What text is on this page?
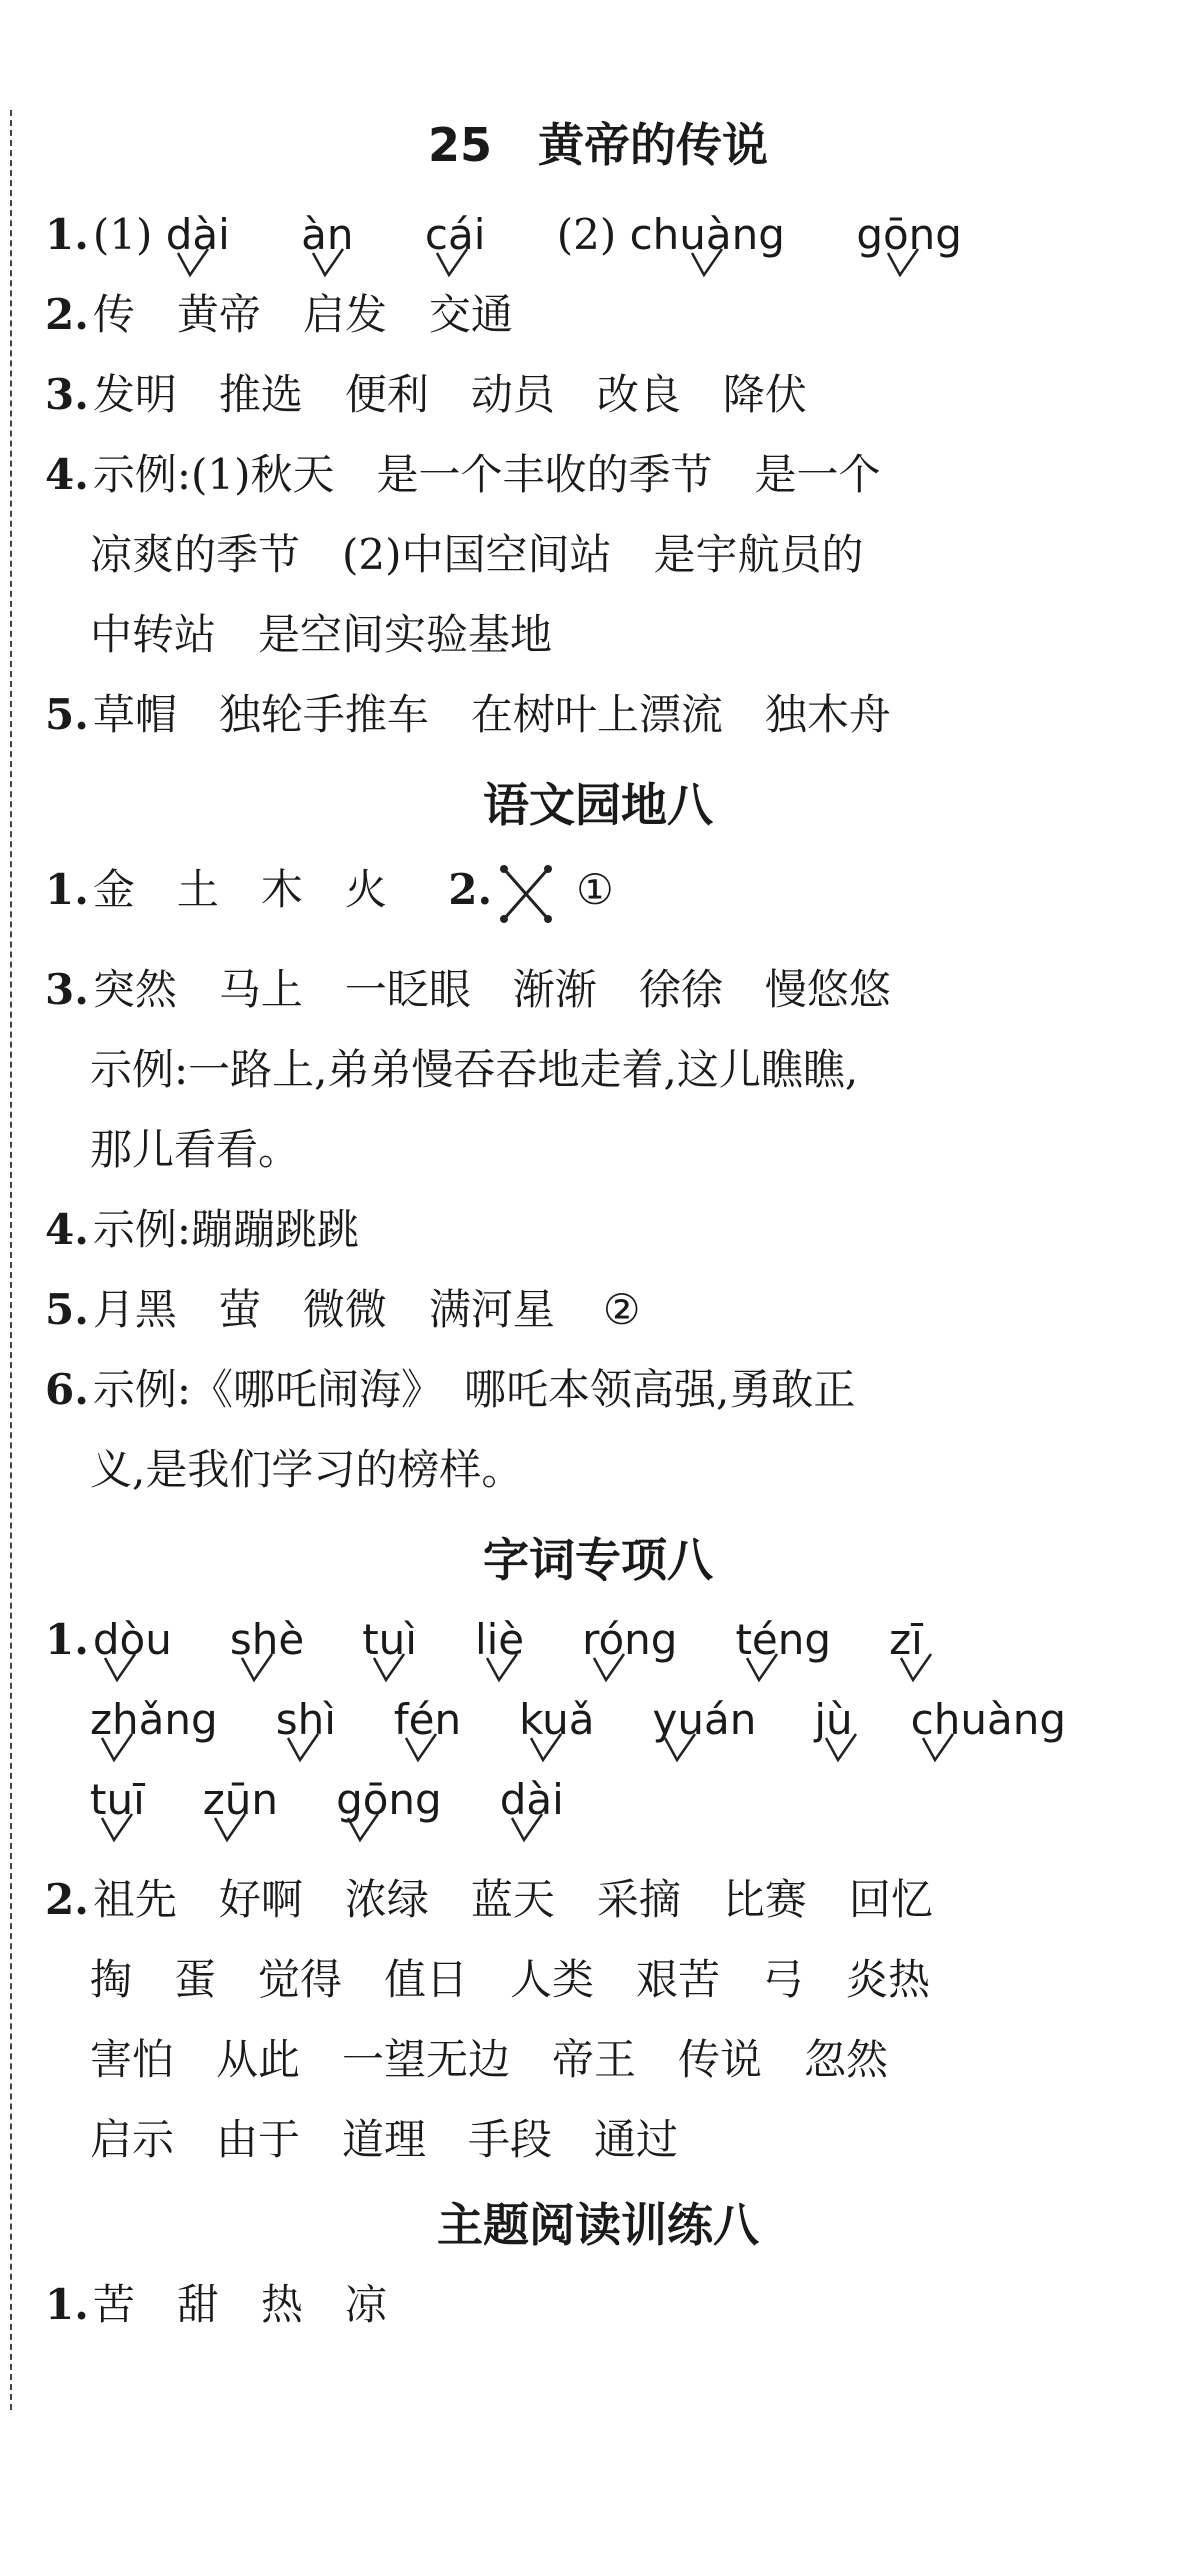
25　黄帝的传说
1.(1) dài àn cái (2) chuàng gōng
2.传　黄帝　启发　交通
3.发明　推选　便利　动员　改良　降伏
4.示例:(1)秋天　是一个丰收的季节　是一个
凉爽的季节　(2)中国空间站　是宇航员的
中转站　是空间实验基地
5.草帽　独轮手推车　在树叶上漂流　独木舟
语文园地八
1.金　土　木　火 2. ①
3.突然　马上　一眨眼　渐渐　徐徐　慢悠悠
示例:一路上,弟弟慢吞吞地走着,这儿瞧瞧,
那儿看看。
4.示例:蹦蹦跳跳
5.月黑　萤　微微　满河星 ②
6.示例:《哪吒闹海》　哪吒本领高强,勇敢正
义,是我们学习的榜样。
字词专项八
1.dòu shè tuì liè róng téng zī
zhǎng shì fén kuǎ yuán jù chuàng
tuī zūn gōng dài
2.祖先　好啊　浓绿　蓝天　采摘　比赛　回忆
掏　蛋　觉得　值日　人类　艰苦　弓　炎热
害怕　从此　一望无边　帝王　传说　忽然
启示　由于　道理　手段　通过
主题阅读训练八
1.苦　甜　热　凉
